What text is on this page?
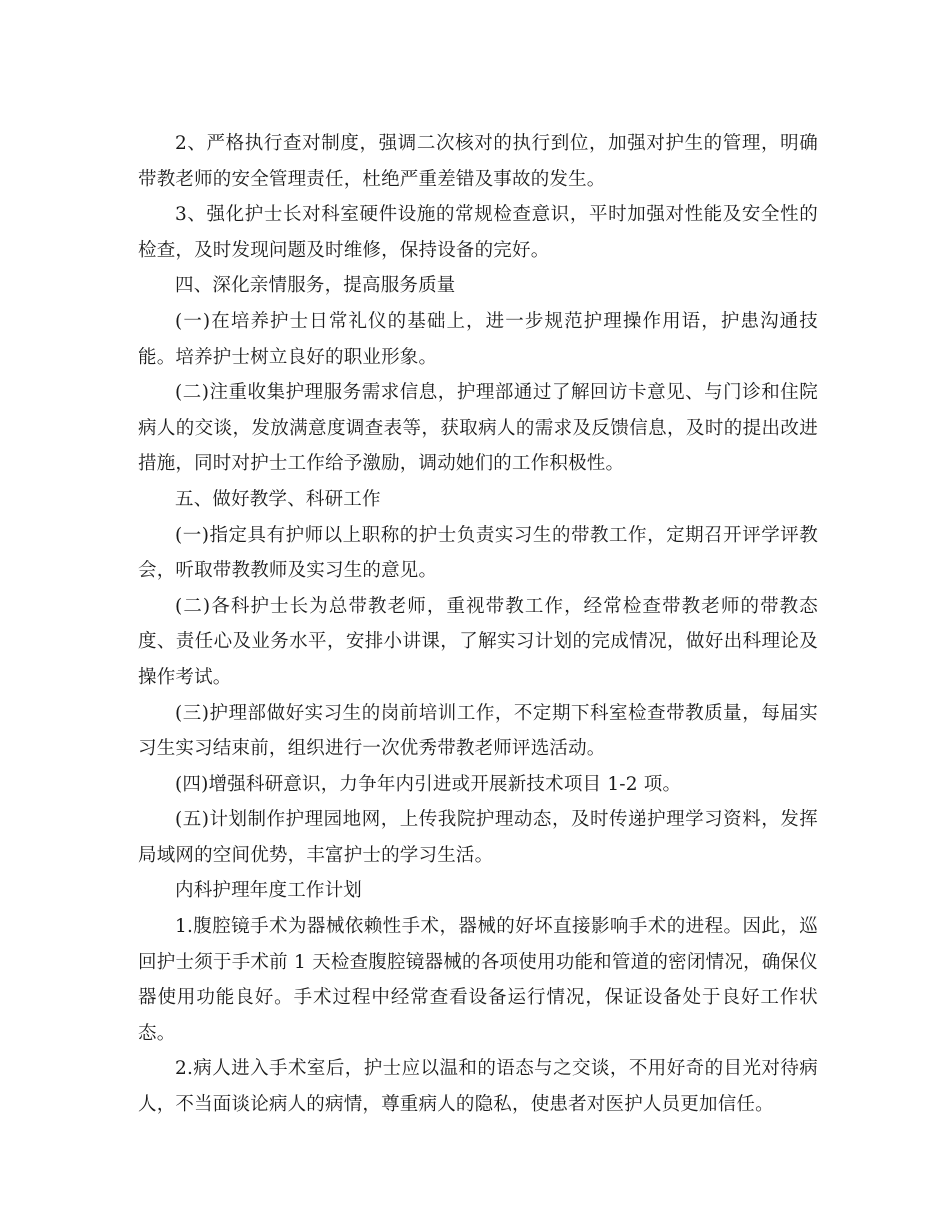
2、严格执行查对制度，强调二次核对的执行到位，加强对护生的管理，明确带教老师的安全管理责任，杜绝严重差错及事故的发生。

3、强化护士长对科室硬件设施的常规检查意识，平时加强对性能及安全性的检查，及时发现问题及时维修，保持设备的完好。

四、深化亲情服务，提高服务质量

(一)在培养护士日常礼仪的基础上，进一步规范护理操作用语，护患沟通技能。培养护士树立良好的职业形象。

(二)注重收集护理服务需求信息，护理部通过了解回访卡意见、与门诊和住院病人的交谈，发放满意度调查表等，获取病人的需求及反馈信息，及时的提出改进措施，同时对护士工作给予激励，调动她们的工作积极性。

五、做好教学、科研工作

(一)指定具有护师以上职称的护士负责实习生的带教工作，定期召开评学评教会，听取带教教师及实习生的意见。

(二)各科护士长为总带教老师，重视带教工作，经常检查带教老师的带教态度、责任心及业务水平，安排小讲课，了解实习计划的完成情况，做好出科理论及操作考试。

(三)护理部做好实习生的岗前培训工作，不定期下科室检查带教质量，每届实习生实习结束前，组织进行一次优秀带教老师评选活动。

(四)增强科研意识，力争年内引进或开展新技术项目 1-2 项。

(五)计划制作护理园地网，上传我院护理动态，及时传递护理学习资料，发挥局域网的空间优势，丰富护士的学习生活。

内科护理年度工作计划

1.腹腔镜手术为器械依赖性手术，器械的好坏直接影响手术的进程。因此，巡回护士须于手术前 1 天检查腹腔镜器械的各项使用功能和管道的密闭情况，确保仪器使用功能良好。手术过程中经常查看设备运行情况，保证设备处于良好工作状态。

2.病人进入手术室后，护士应以温和的语态与之交谈，不用好奇的目光对待病人，不当面谈论病人的病情，尊重病人的隐私，使患者对医护人员更加信任。
